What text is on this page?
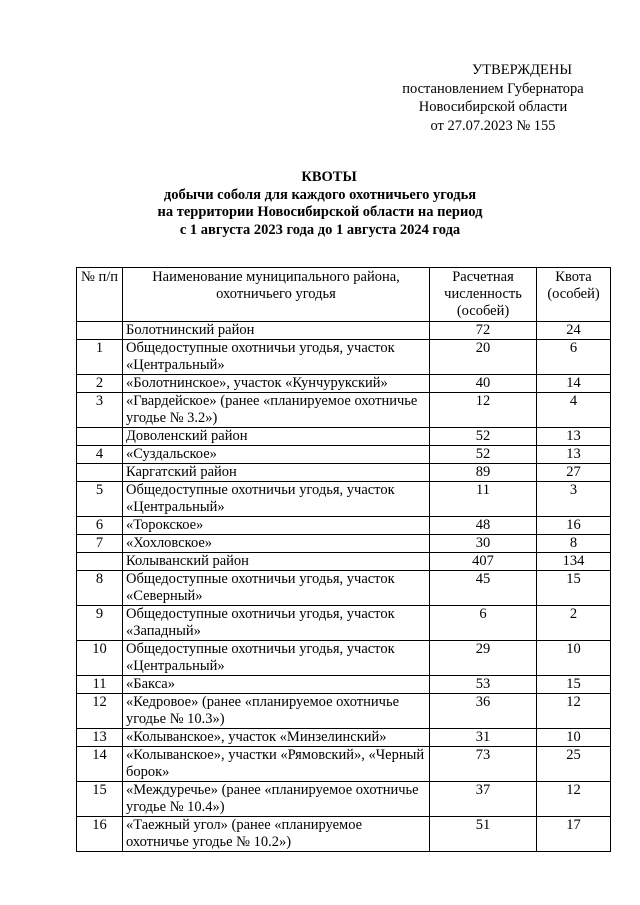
УТВЕРЖДЕНЫ
постановлением Губернатора
Новосибирской области
от 27.07.2023 № 155
КВОТЫ
добычи соболя для каждого охотничьего угодья
на территории Новосибирской области на период
с 1 августа 2023 года до 1 августа 2024 года
№ п/п	Наименование муниципального района, охотничьего угодья	Расчетная численность (особей)	Квота (особей)
	Болотнинский район	72	24
1	Общедоступные охотничьи угодья, участок «Центральный»	20	6
2	«Болотнинское», участок «Кунчурукский»	40	14
3	«Гвардейское» (ранее «планируемое охотничье угодье № 3.2»)	12	4
	Доволенский район	52	13
4	«Суздальское»	52	13
	Каргатский район	89	27
5	Общедоступные охотничьи угодья, участок «Центральный»	11	3
6	«Торокское»	48	16
7	«Хохловское»	30	8
	Колыванский район	407	134
8	Общедоступные охотничьи угодья, участок «Северный»	45	15
9	Общедоступные охотничьи угодья, участок «Западный»	6	2
10	Общедоступные охотничьи угодья, участок «Центральный»	29	10
11	«Бакса»	53	15
12	«Кедровое» (ранее «планируемое охотничье угодье № 10.3»)	36	12
13	«Колыванское», участок «Минзелинский»	31	10
14	«Колыванское», участки «Рямовский», «Черный борок»	73	25
15	«Междуречье» (ранее «планируемое охотничье угодье № 10.4»)	37	12
16	«Таежный угол» (ранее «планируемое охотничье угодье № 10.2»)	51	17
